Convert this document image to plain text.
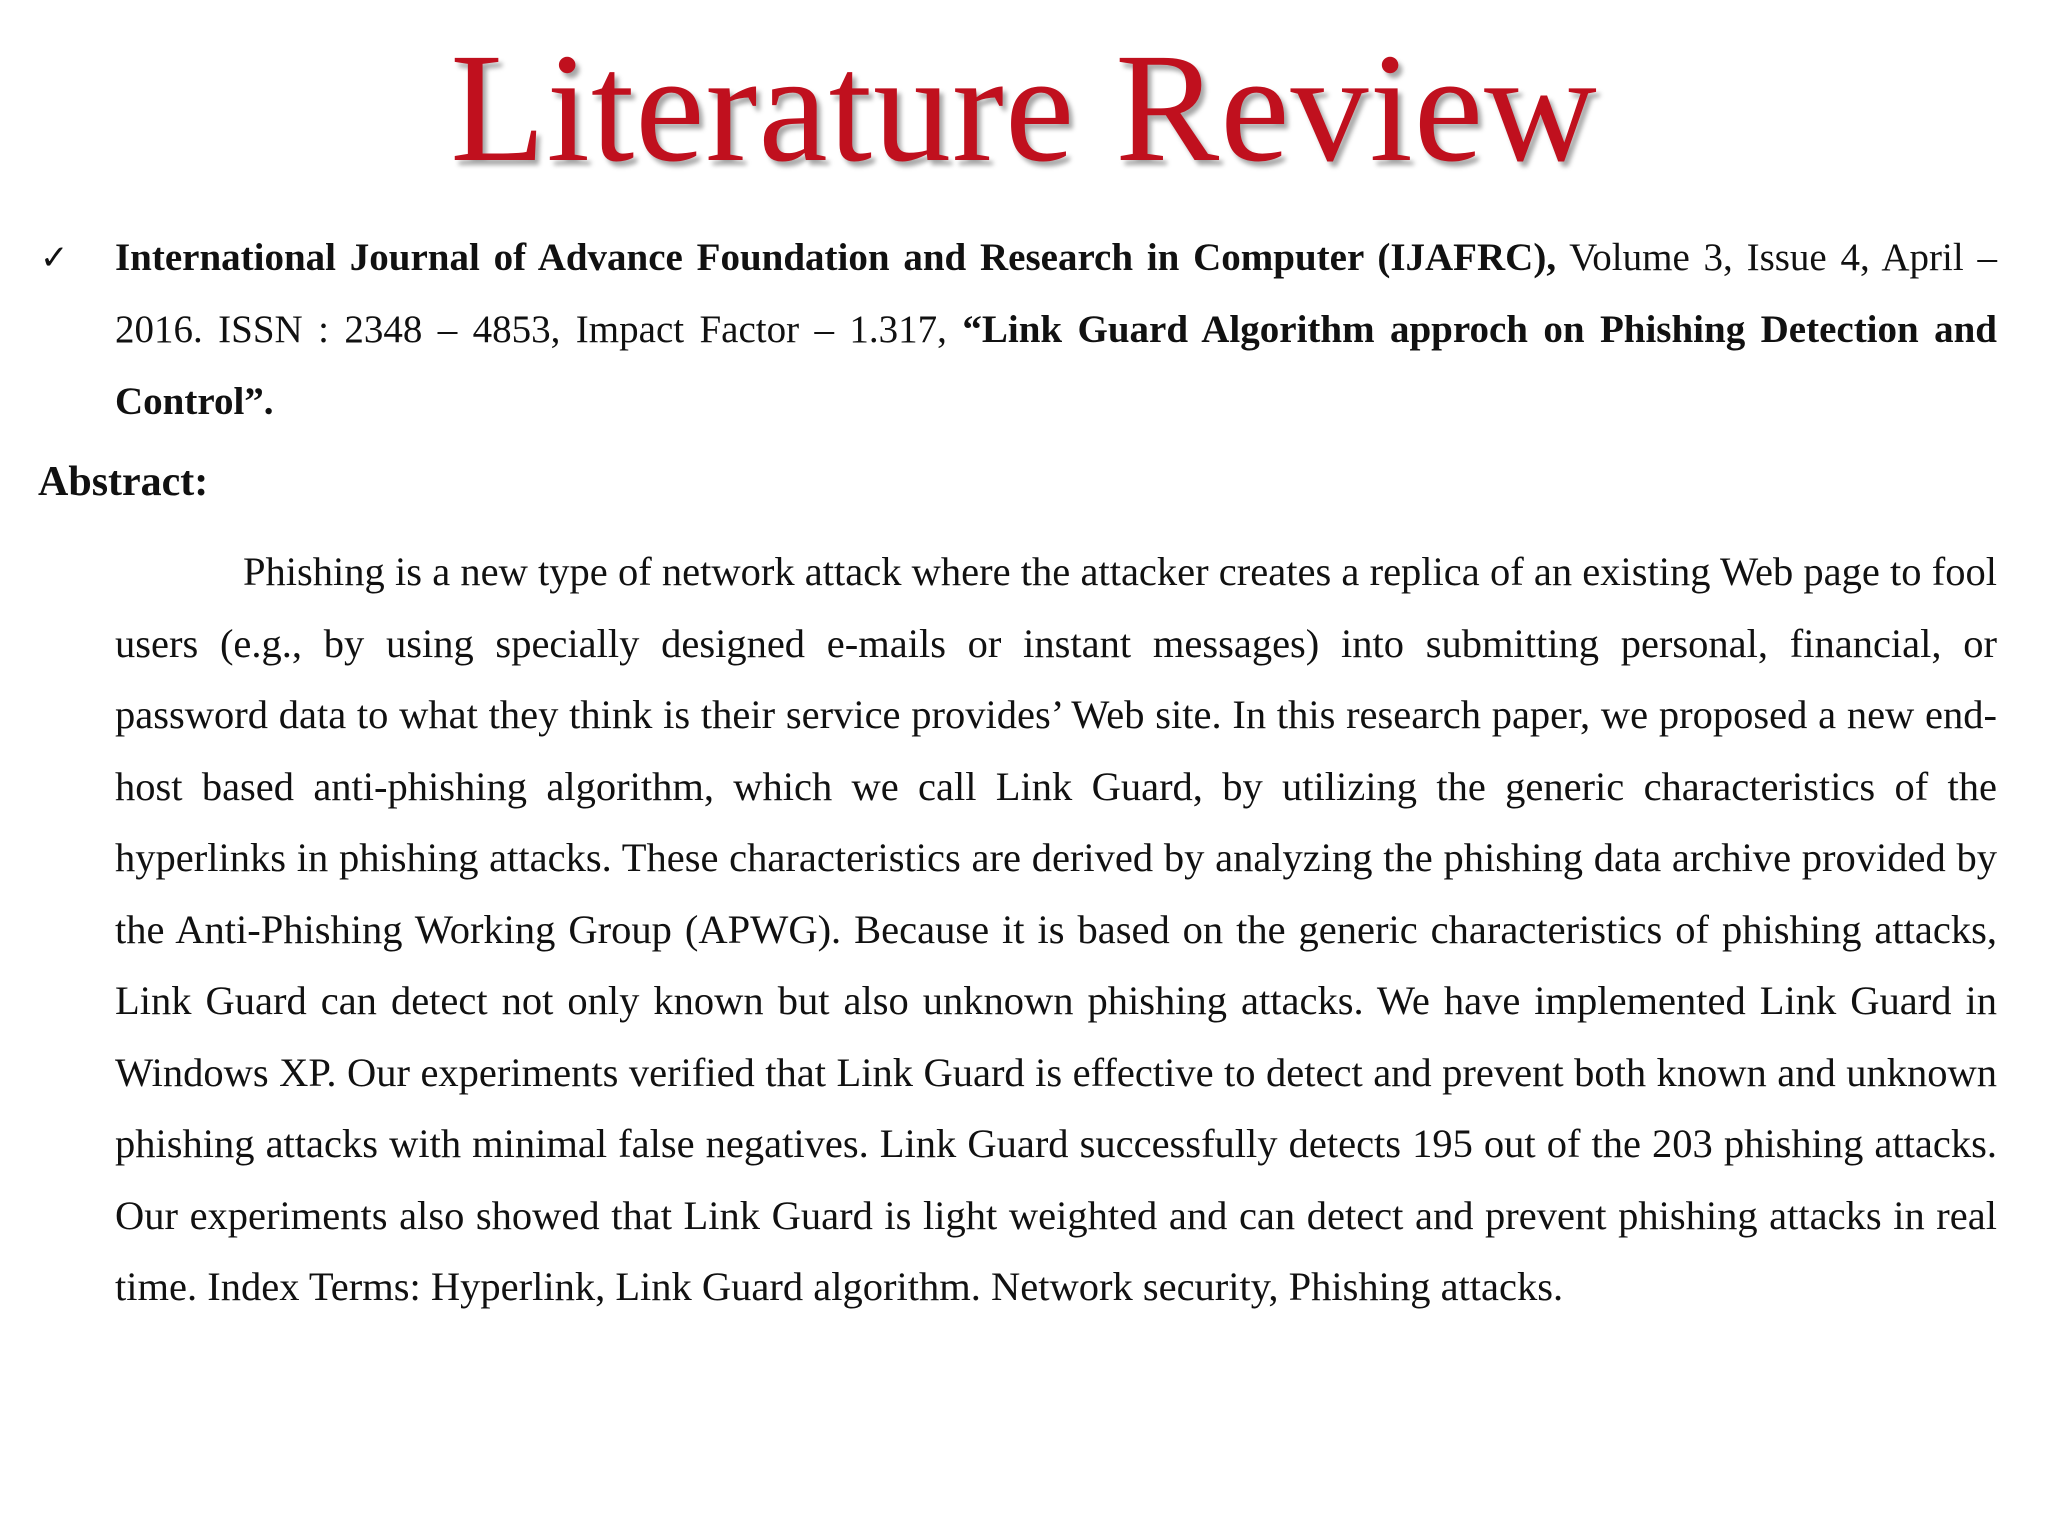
Literature Review
✓ International Journal of Advance Foundation and Research in Computer (IJAFRC), Volume 3, Issue 4, April – 2016. ISSN : 2348 – 4853, Impact Factor – 1.317, “Link Guard Algorithm approch on Phishing Detection and Control”.
Abstract:
Phishing is a new type of network attack where the attacker creates a replica of an existing Web page to fool users (e.g., by using specially designed e-mails or instant messages) into submitting personal, financial, or password data to what they think is their service provides’ Web site. In this research paper, we proposed a new end-host based anti-phishing algorithm, which we call Link Guard, by utilizing the generic characteristics of the hyperlinks in phishing attacks. These characteristics are derived by analyzing the phishing data archive provided by the Anti-Phishing Working Group (APWG). Because it is based on the generic characteristics of phishing attacks, Link Guard can detect not only known but also unknown phishing attacks. We have implemented Link Guard in Windows XP. Our experiments verified that Link Guard is effective to detect and prevent both known and unknown phishing attacks with minimal false negatives. Link Guard successfully detects 195 out of the 203 phishing attacks. Our experiments also showed that Link Guard is light weighted and can detect and prevent phishing attacks in real time. Index Terms: Hyperlink, Link Guard algorithm. Network security, Phishing attacks.
